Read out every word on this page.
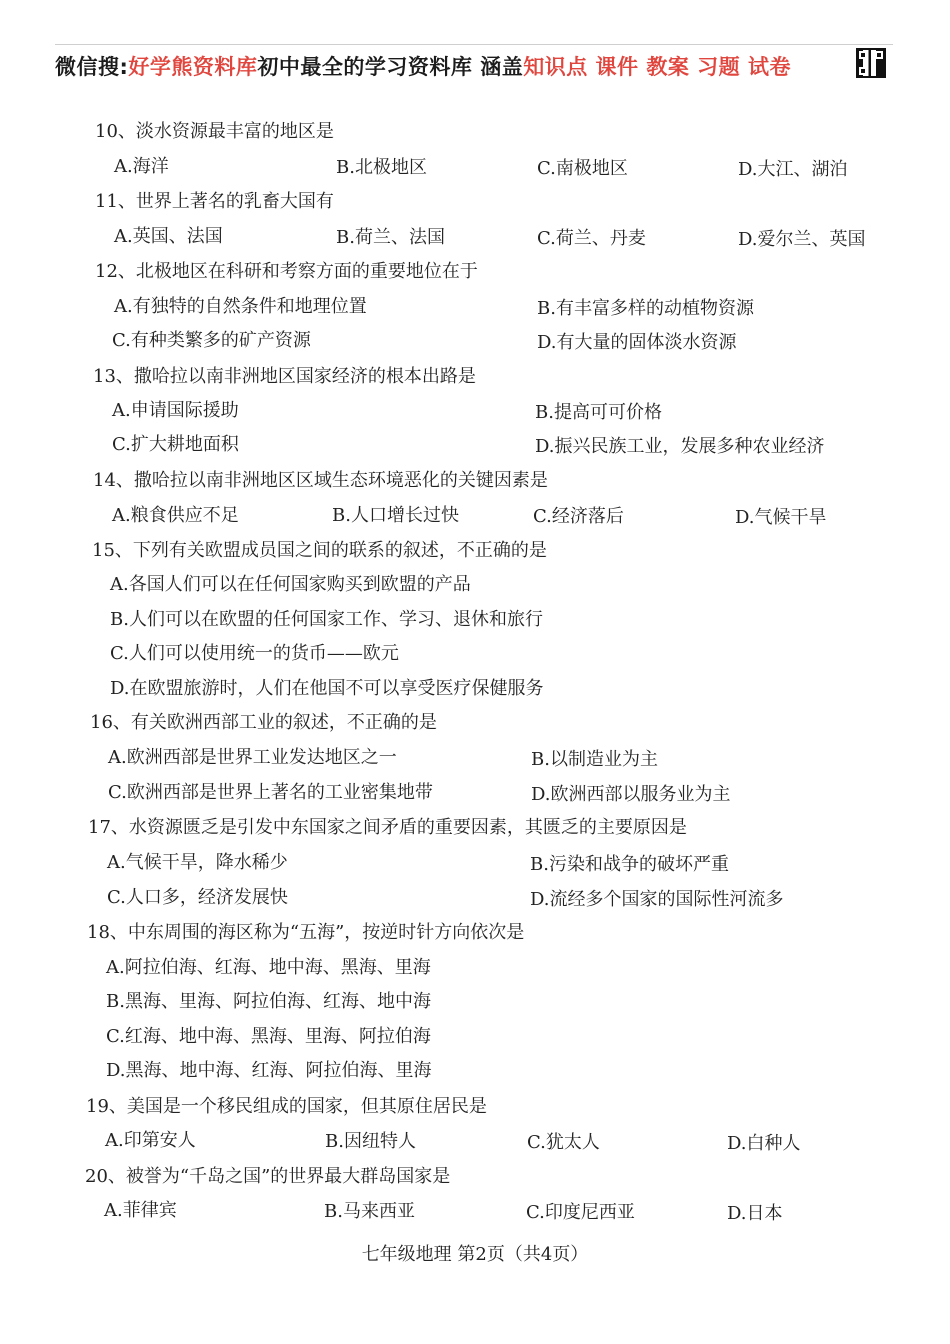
微信搜: 好学熊资料库 初中最全的学习资料库 涵盖 知识点 课件 教案 习题 试卷
10、淡水资源最丰富的地区是
A.海洋	B.北极地区	C.南极地区	D.大江、湖泊
11、世界上著名的乳畜大国有
A.英国、法国	B.荷兰、法国	C.荷兰、丹麦	D.爱尔兰、英国
12、北极地区在科研和考察方面的重要地位在于
A.有独特的自然条件和地理位置	B.有丰富多样的动植物资源
C.有种类繁多的矿产资源	D.有大量的固体淡水资源
13、撒哈拉以南非洲地区国家经济的根本出路是
A.申请国际援助	B.提高可可价格
C.扩大耕地面积	D.振兴民族工业，发展多种农业经济
14、撒哈拉以南非洲地区区域生态环境恶化的关键因素是
A.粮食供应不足	B.人口增长过快	C.经济落后	D.气候干旱
15、下列有关欧盟成员国之间的联系的叙述，不正确的是
A.各国人们可以在任何国家购买到欧盟的产品
B.人们可以在欧盟的任何国家工作、学习、退休和旅行
C.人们可以使用统一的货币——欧元
D.在欧盟旅游时，人们在他国不可以享受医疗保健服务
16、有关欧洲西部工业的叙述，不正确的是
A.欧洲西部是世界工业发达地区之一	B.以制造业为主
C.欧洲西部是世界上著名的工业密集地带	D.欧洲西部以服务业为主
17、水资源匮乏是引发中东国家之间矛盾的重要因素，其匮乏的主要原因是
A.气候干旱，降水稀少	B.污染和战争的破坏严重
C.人口多，经济发展快	D.流经多个国家的国际性河流多
18、中东周围的海区称为“五海”，按逆时针方向依次是
A.阿拉伯海、红海、地中海、黑海、里海
B.黑海、里海、阿拉伯海、红海、地中海
C.红海、地中海、黑海、里海、阿拉伯海
D.黑海、地中海、红海、阿拉伯海、里海
19、美国是一个移民组成的国家，但其原住居民是
A.印第安人	B.因纽特人	C.犹太人	D.白种人
20、被誉为“千岛之国”的世界最大群岛国家是
A.菲律宾	B.马来西亚	C.印度尼西亚	D.日本
七年级地理 第2页（共4页）
